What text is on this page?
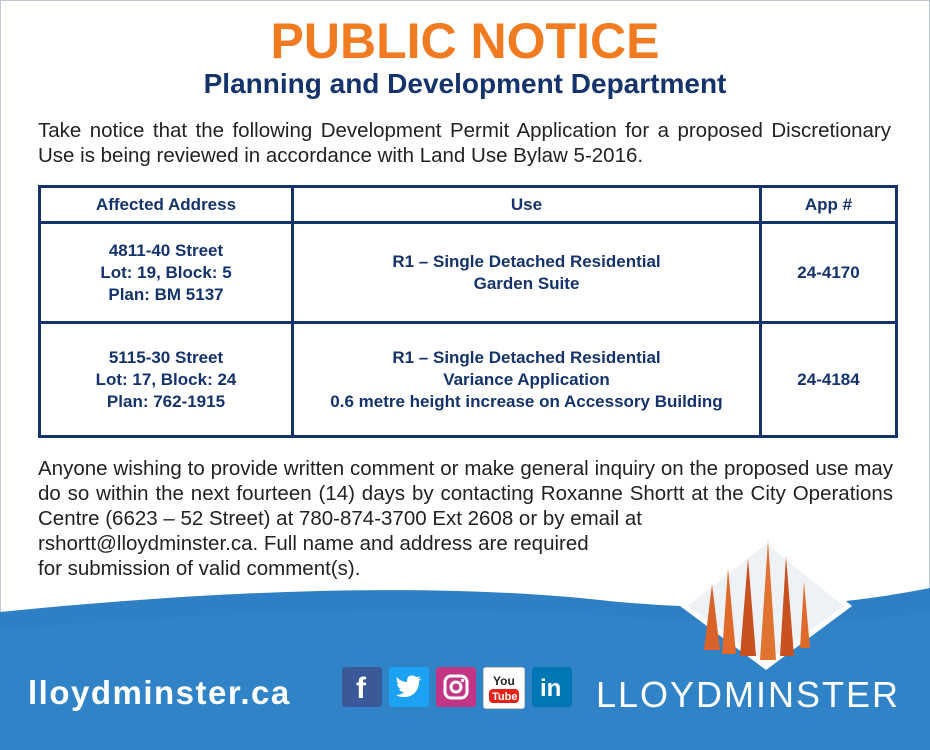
PUBLIC NOTICE
Planning and Development Department
Take notice that the following Development Permit Application for a proposed Discretionary Use is being reviewed in accordance with Land Use Bylaw 5-2016.
Affected Address	Use	App #

4811-40 Street
Lot: 19, Block: 5
Plan: BM 5137	R1 – Single Detached Residential
Garden Suite	24-4170

5115-30 Street
Lot: 17, Block: 24
Plan: 762-1915	R1 – Single Detached Residential
Variance Application
0.6 metre height increase on Accessory Building	24-4184
Anyone wishing to provide written comment or make general inquiry on the proposed use may do so within the next fourteen (14) days by contacting Roxanne Shortt at the City Operations Centre (6623 – 52 Street) at 780-874-3700 Ext 2608 or by email at
rshortt@lloydminster.ca. Full name and address are required
for submission of valid comment(s).
lloydminster.ca f	You
Tube in LLOYDMINSTER
